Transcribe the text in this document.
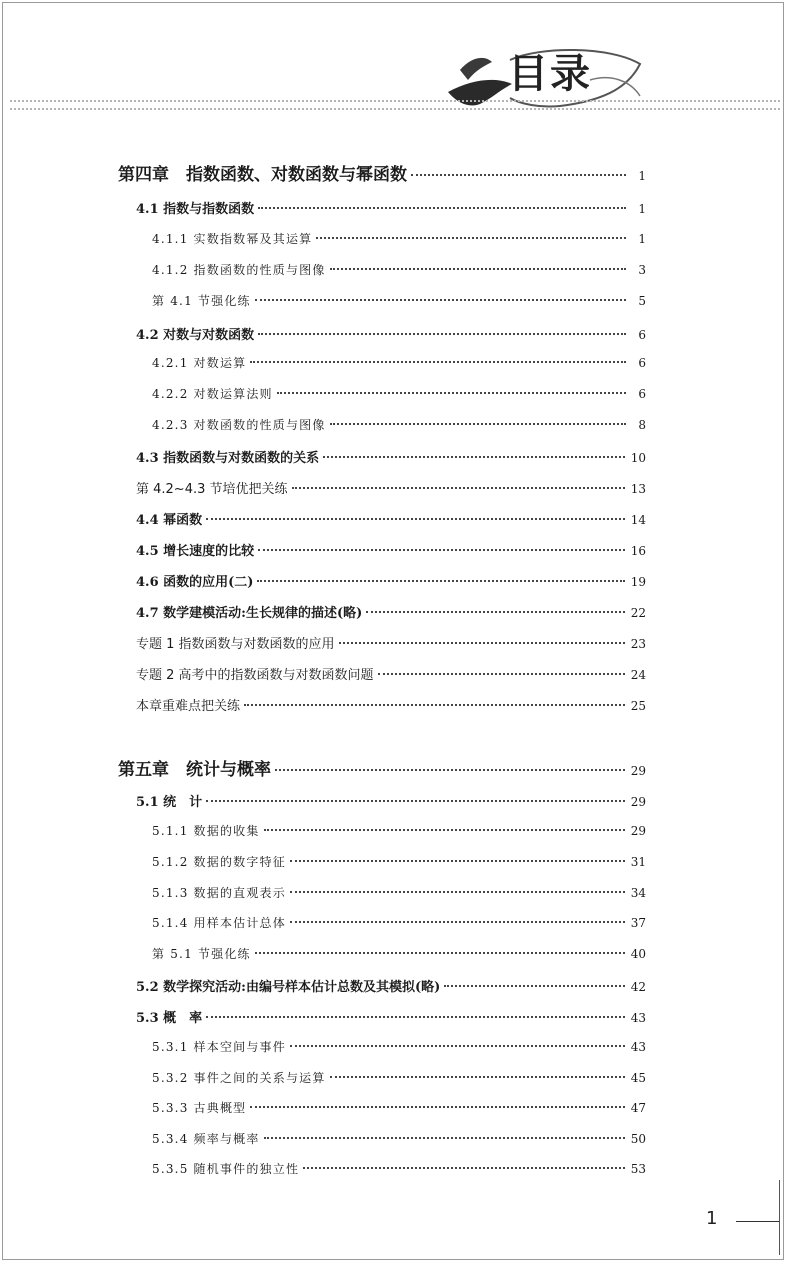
目录
第四章　指数函数、对数函数与幂函数	1
4.1 指数与指数函数	1
4.1.1 实数指数幂及其运算	1
4.1.2 指数函数的性质与图像	3
第 4.1 节强化练	5
4.2 对数与对数函数	6
4.2.1 对数运算	6
4.2.2 对数运算法则	6
4.2.3 对数函数的性质与图像	8
4.3 指数函数与对数函数的关系	10
第 4.2~4.3 节培优把关练	13
4.4 幂函数	14
4.5 增长速度的比较	16
4.6 函数的应用(二)	19
4.7 数学建模活动:生长规律的描述(略)	22
专题 1 指数函数与对数函数的应用	23
专题 2 高考中的指数函数与对数函数问题	24
本章重难点把关练	25
第五章　统计与概率	29
5.1 统　计	29
5.1.1 数据的收集	29
5.1.2 数据的数字特征	31
5.1.3 数据的直观表示	34
5.1.4 用样本估计总体	37
第 5.1 节强化练	40
5.2 数学探究活动:由编号样本估计总数及其模拟(略)	42
5.3 概　率	43
5.3.1 样本空间与事件	43
5.3.2 事件之间的关系与运算	45
5.3.3 古典概型	47
5.3.4 频率与概率	50
5.3.5 随机事件的独立性	53
1
